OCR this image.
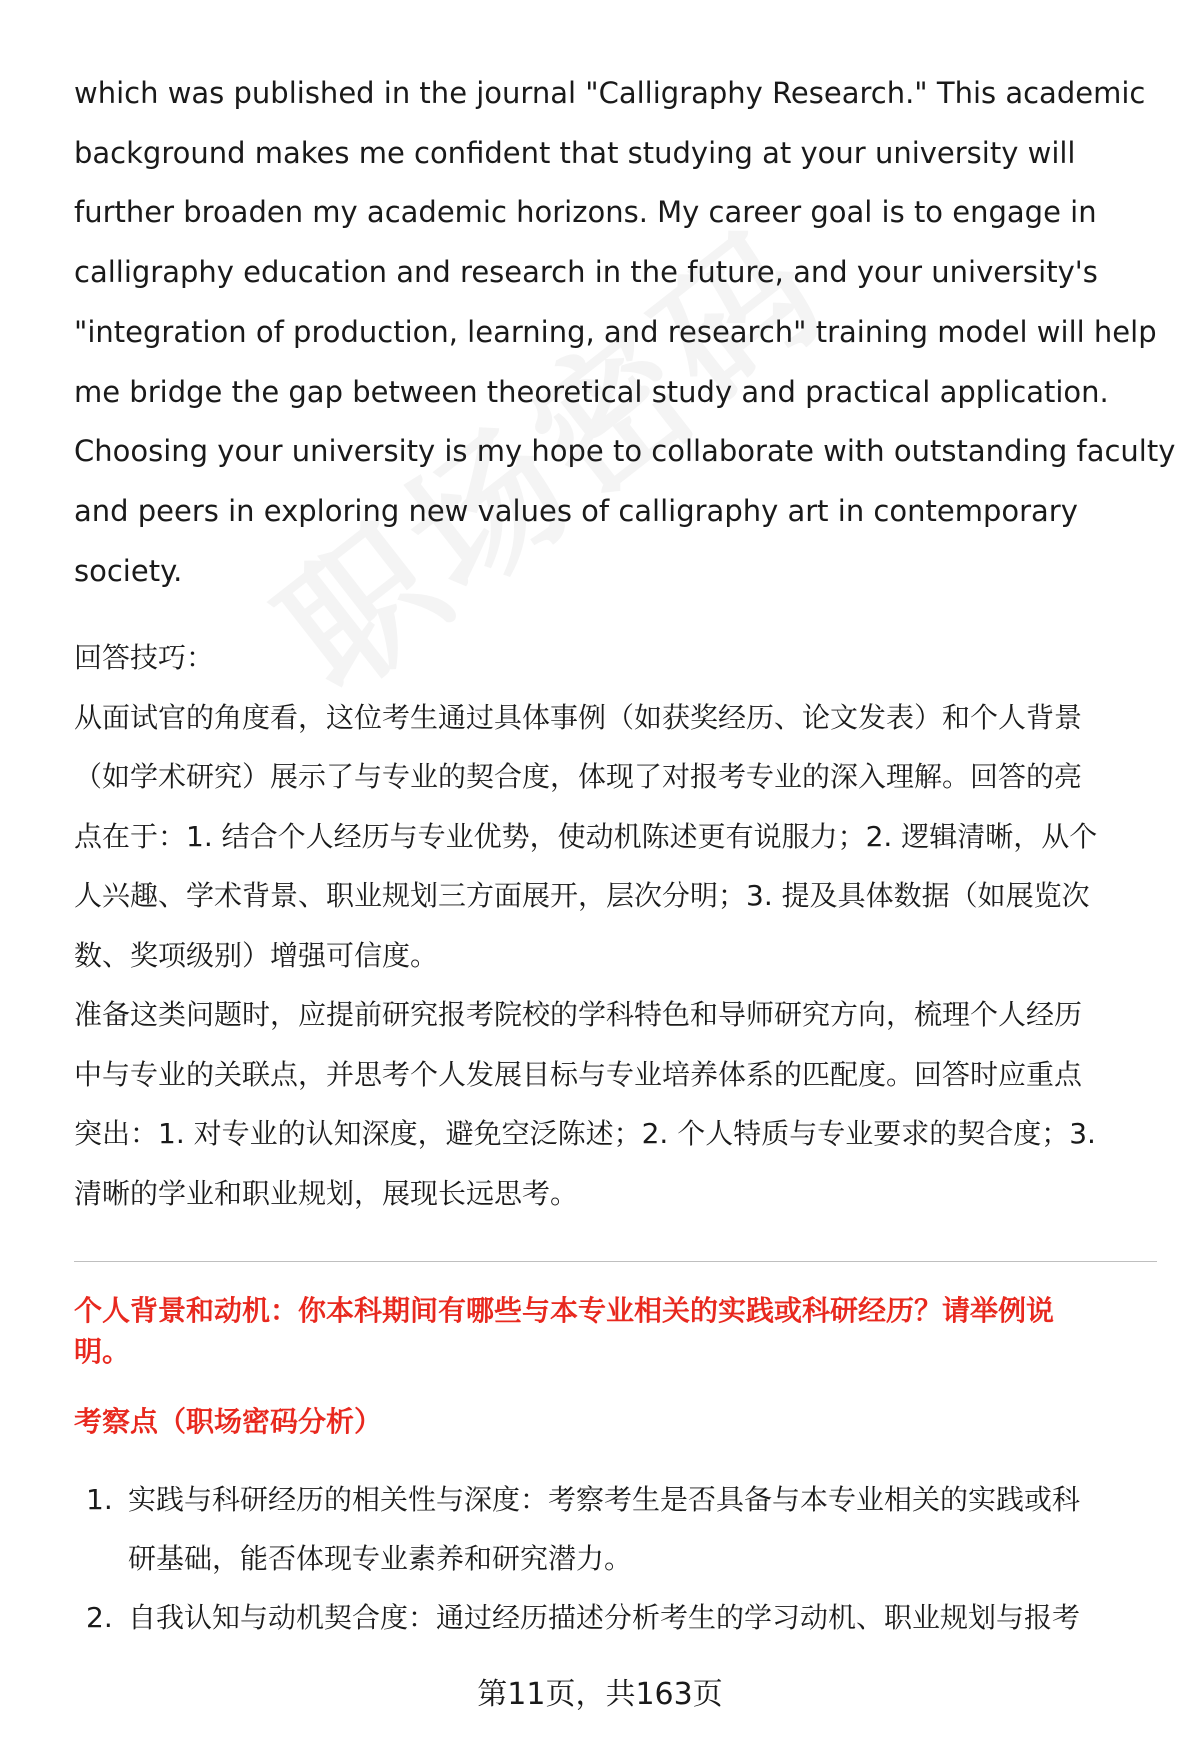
which was published in the journal "Calligraphy Research." This academic
background makes me confident that studying at your university will
further broaden my academic horizons. My career goal is to engage in
calligraphy education and research in the future, and your university's
"integration of production, learning, and research" training model will help
me bridge the gap between theoretical study and practical application.
Choosing your university is my hope to collaborate with outstanding faculty
and peers in exploring new values of calligraphy art in contemporary
society.

回答技巧：

从面试官的角度看，这位考生通过具体事例（如获奖经历、论文发表）和个人背景
（如学术研究）展示了与专业的契合度，体现了对报考专业的深入理解。回答的亮
点在于：1. 结合个人经历与专业优势，使动机陈述更有说服力；2. 逻辑清晰，从个
人兴趣、学术背景、职业规划三方面展开，层次分明；3. 提及具体数据（如展览次
数、奖项级别）增强可信度。

准备这类问题时，应提前研究报考院校的学科特色和导师研究方向，梳理个人经历
中与专业的关联点，并思考个人发展目标与专业培养体系的匹配度。回答时应重点
突出：1. 对专业的认知深度，避免空泛陈述；2. 个人特质与专业要求的契合度；3.
清晰的学业和职业规划，展现长远思考。

个人背景和动机：你本科期间有哪些与本专业相关的实践或科研经历？请举例说
明。

考察点（职场密码分析）

1. 实践与科研经历的相关性与深度：考察考生是否具备与本专业相关的实践或科
研基础，能否体现专业素养和研究潜力。
2. 自我认知与动机契合度：通过经历描述分析考生的学习动机、职业规划与报考
第11页，共163页
